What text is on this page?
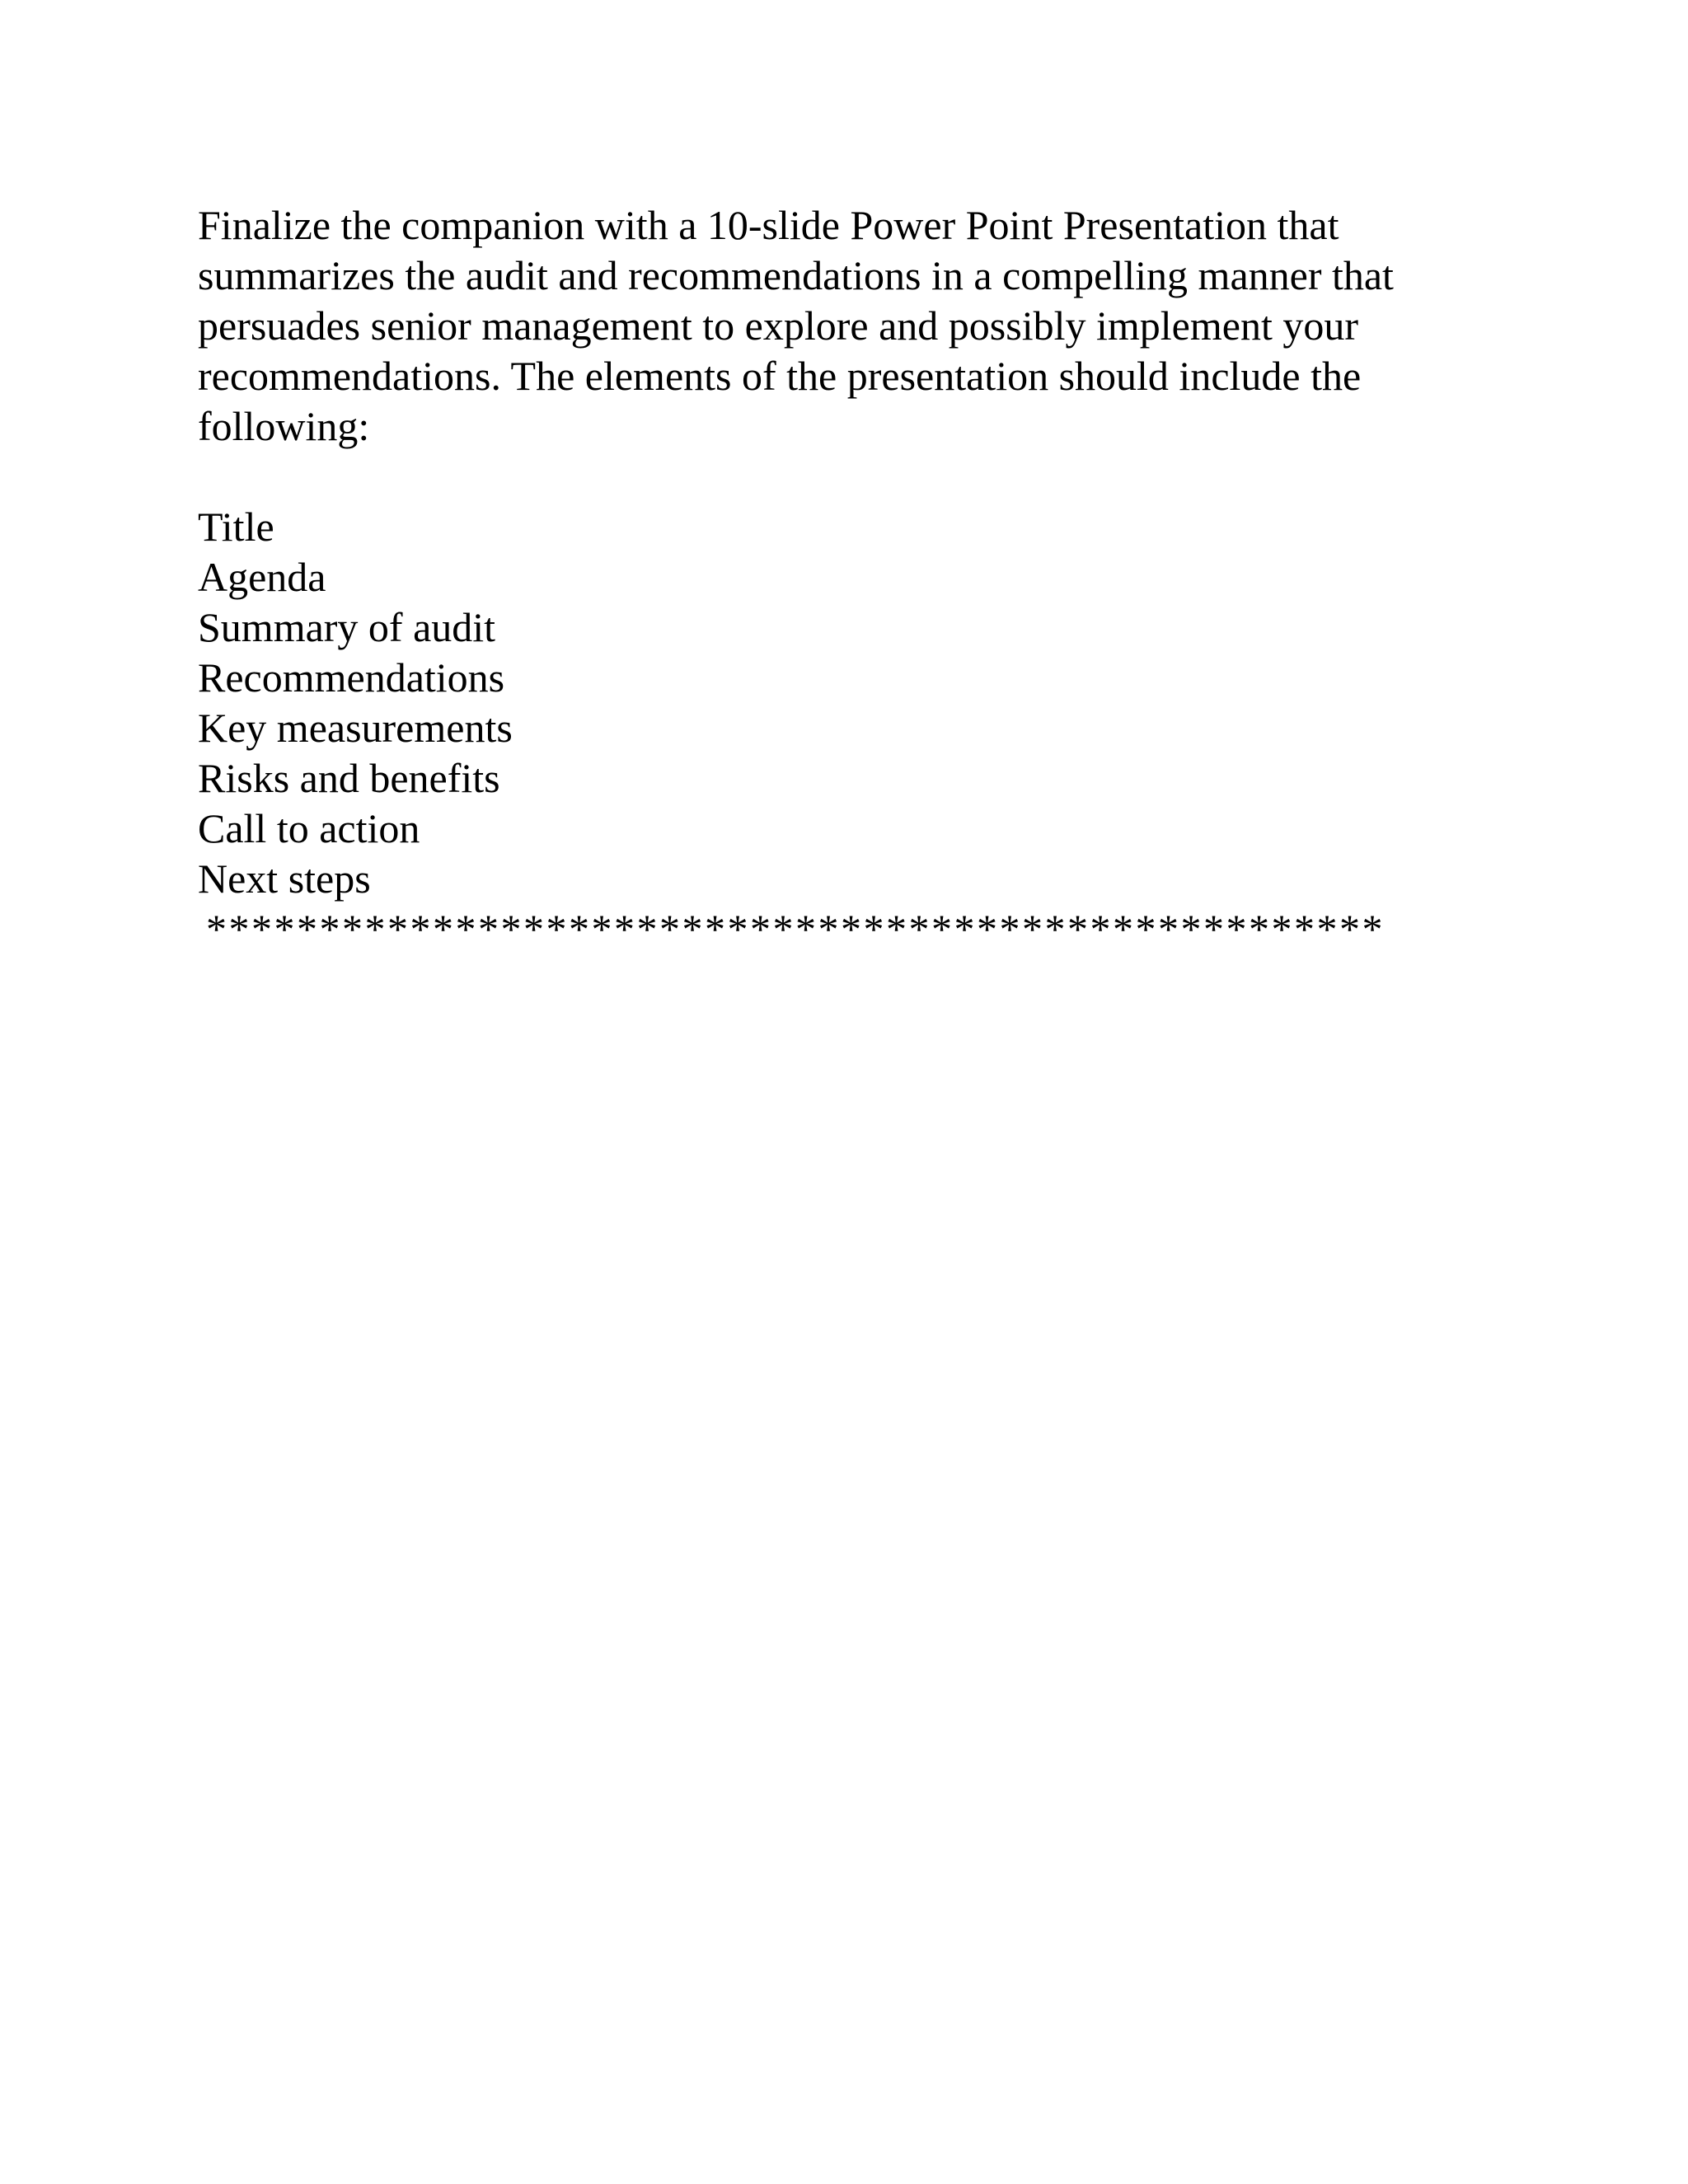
Finalize the companion with a 10-slide Power Point Presentation that
summarizes the audit and recommendations in a compelling manner that
persuades senior management to explore and possibly implement your
recommendations. The elements of the presentation should include the
following:

Title
Agenda
Summary of audit
Recommendations
Key measurements
Risks and benefits
Call to action
Next steps

****************************************************
